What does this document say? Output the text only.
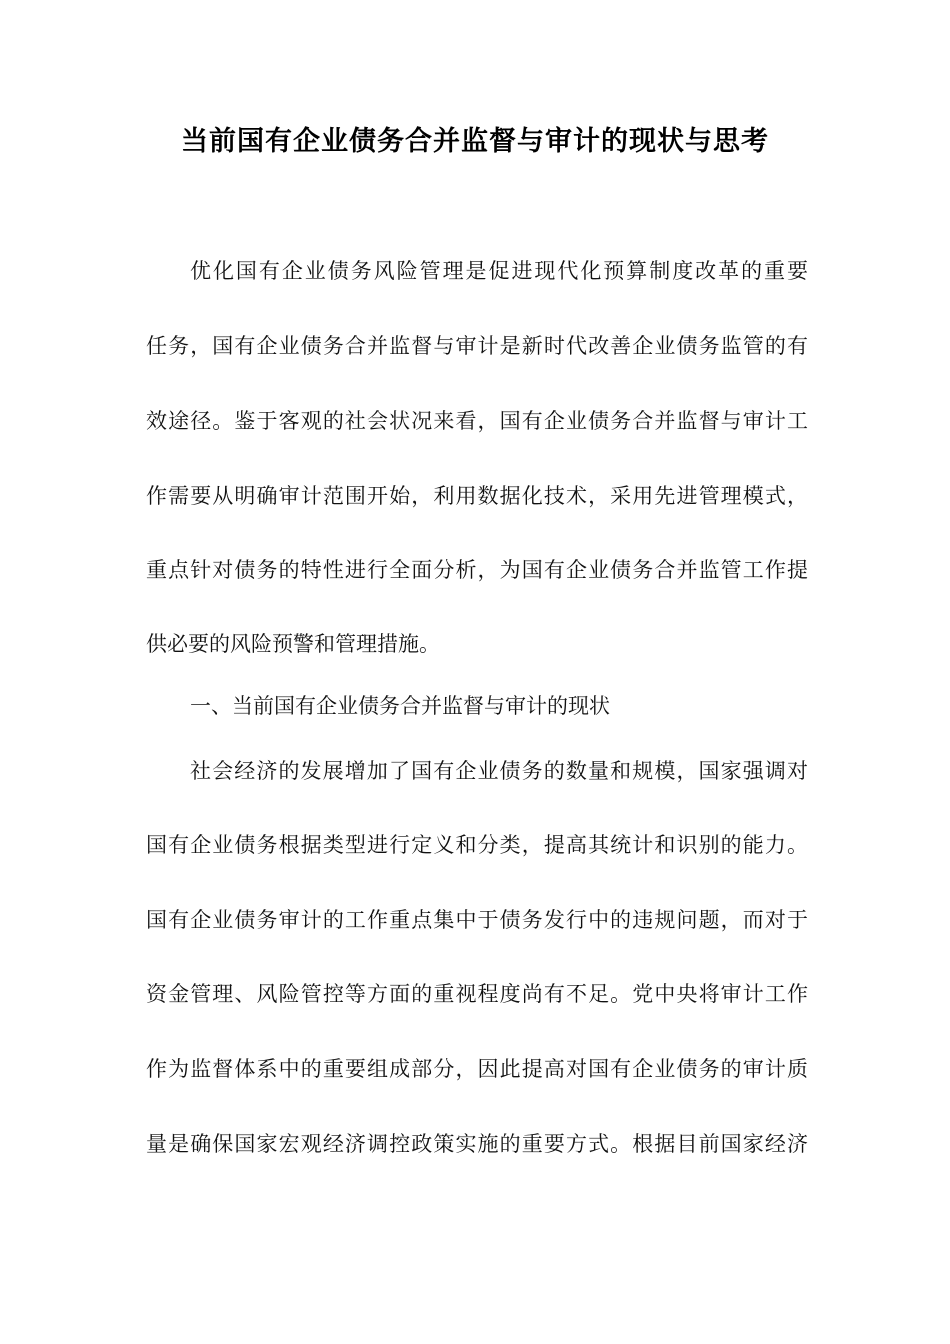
当前国有企业债务合并监督与审计的现状与思考
优化国有企业债务风险管理是促进现代化预算制度改革的重要
任务，国有企业债务合并监督与审计是新时代改善企业债务监管的有
效途径。鉴于客观的社会状况来看，国有企业债务合并监督与审计工
作需要从明确审计范围开始，利用数据化技术，采用先进管理模式，
重点针对债务的特性进行全面分析，为国有企业债务合并监管工作提
供必要的风险预警和管理措施。
一、当前国有企业债务合并监督与审计的现状
社会经济的发展增加了国有企业债务的数量和规模，国家强调对
国有企业债务根据类型进行定义和分类，提高其统计和识别的能力。
国有企业债务审计的工作重点集中于债务发行中的违规问题，而对于
资金管理、风险管控等方面的重视程度尚有不足。党中央将审计工作
作为监督体系中的重要组成部分，因此提高对国有企业债务的审计质
量是确保国家宏观经济调控政策实施的重要方式。根据目前国家经济
